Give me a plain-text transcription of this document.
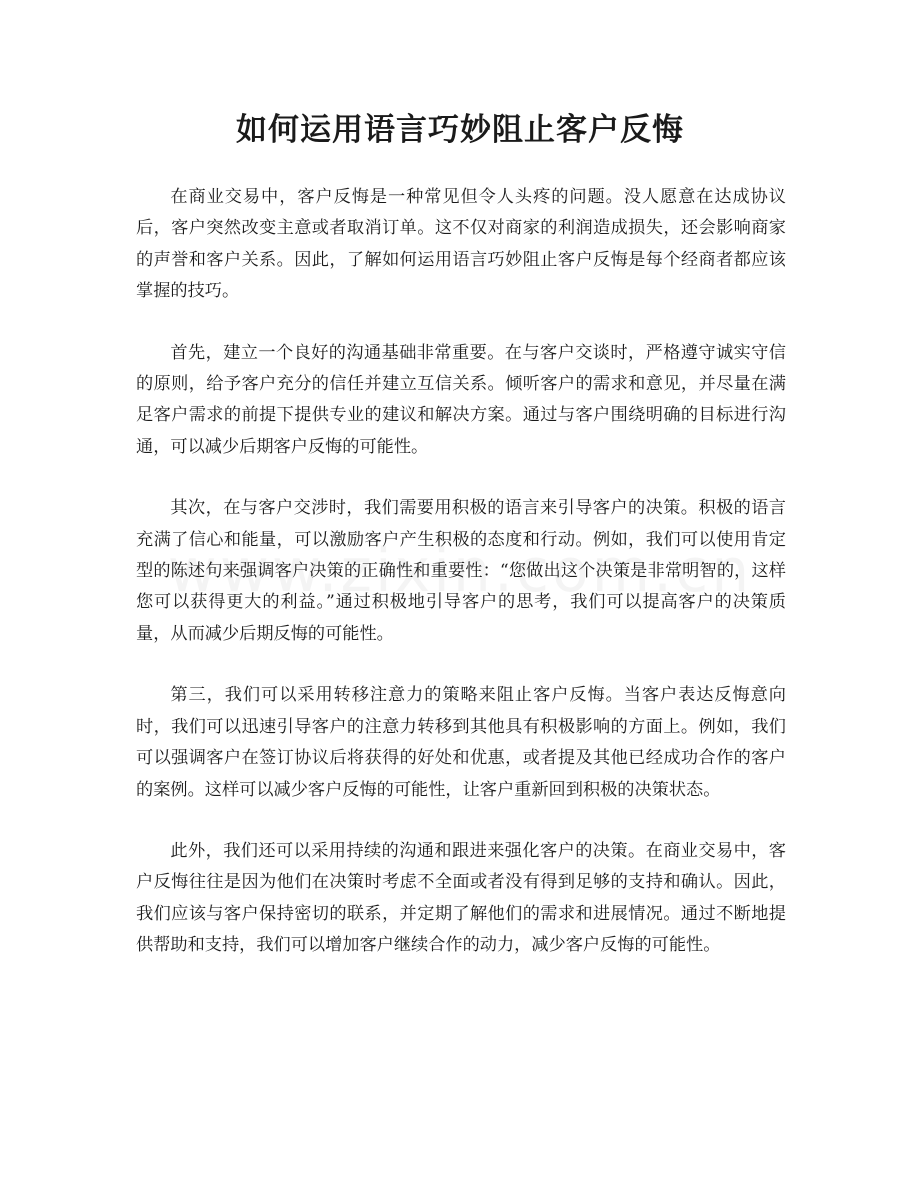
如何运用语言巧妙阻止客户反悔

在商业交易中，客户反悔是一种常见但令人头疼的问题。没人愿意在达成协议后，客户突然改变主意或者取消订单。这不仅对商家的利润造成损失，还会影响商家的声誉和客户关系。因此，了解如何运用语言巧妙阻止客户反悔是每个经商者都应该掌握的技巧。

首先，建立一个良好的沟通基础非常重要。在与客户交谈时，严格遵守诚实守信的原则，给予客户充分的信任并建立互信关系。倾听客户的需求和意见，并尽量在满足客户需求的前提下提供专业的建议和解决方案。通过与客户围绕明确的目标进行沟通，可以减少后期客户反悔的可能性。

其次，在与客户交涉时，我们需要用积极的语言来引导客户的决策。积极的语言充满了信心和能量，可以激励客户产生积极的态度和行动。例如，我们可以使用肯定型的陈述句来强调客户决策的正确性和重要性：“您做出这个决策是非常明智的，这样您可以获得更大的利益。”通过积极地引导客户的思考，我们可以提高客户的决策质量，从而减少后期反悔的可能性。

第三，我们可以采用转移注意力的策略来阻止客户反悔。当客户表达反悔意向时，我们可以迅速引导客户的注意力转移到其他具有积极影响的方面上。例如，我们可以强调客户在签订协议后将获得的好处和优惠，或者提及其他已经成功合作的客户的案例。这样可以减少客户反悔的可能性，让客户重新回到积极的决策状态。

此外，我们还可以采用持续的沟通和跟进来强化客户的决策。在商业交易中，客户反悔往往是因为他们在决策时考虑不全面或者没有得到足够的支持和确认。因此，我们应该与客户保持密切的联系，并定期了解他们的需求和进展情况。通过不断地提供帮助和支持，我们可以增加客户继续合作的动力，减少客户反悔的可能性。
